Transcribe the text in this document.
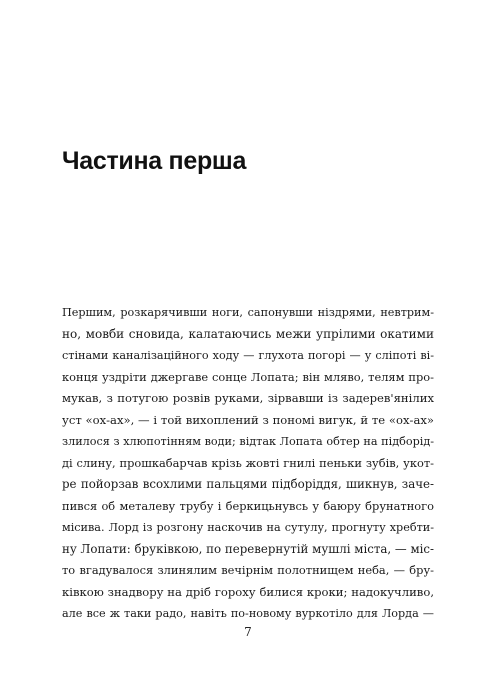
Частина перша
Першим, розкарячивши ноги, сапонувши ніздрями, невтрим-
но, мовби сновида, калатаючись межи упрілими окатими
стінами каналізаційного ходу — глухота погорі — у сліпоті ві-
конця уздріти джергаве сонце Лопата; він мляво, телям про-
мукав, з потугою розвів руками, зірвавши із задерев'янілих
уст «ох-ах», — і той вихоплений з пономі вигук, й те «ох-ах»
злилося з хлюпотінням води; відтак Лопата обтер на підборід-
ді слину, прошкабарчав крізь жовті гнилі пеньки зубів, укот-
ре пойорзав всохлими пальцями підборіддя, шикнув, заче-
пився об металеву трубу і беркицьнувсь у баюру брунатного
місива. Лорд із розгону наскочив на сутулу, прогнуту хребти-
ну Лопати: бруківкою, по перевернутій мушлі міста, — міс-
то вгадувалося злинялим вечірнім полотнищем неба, — бру-
ківкою знадвору на дріб гороху билися кроки; надокучливо,
але все ж таки радо, навіть по-новому вуркотіло для Лорда —
7
